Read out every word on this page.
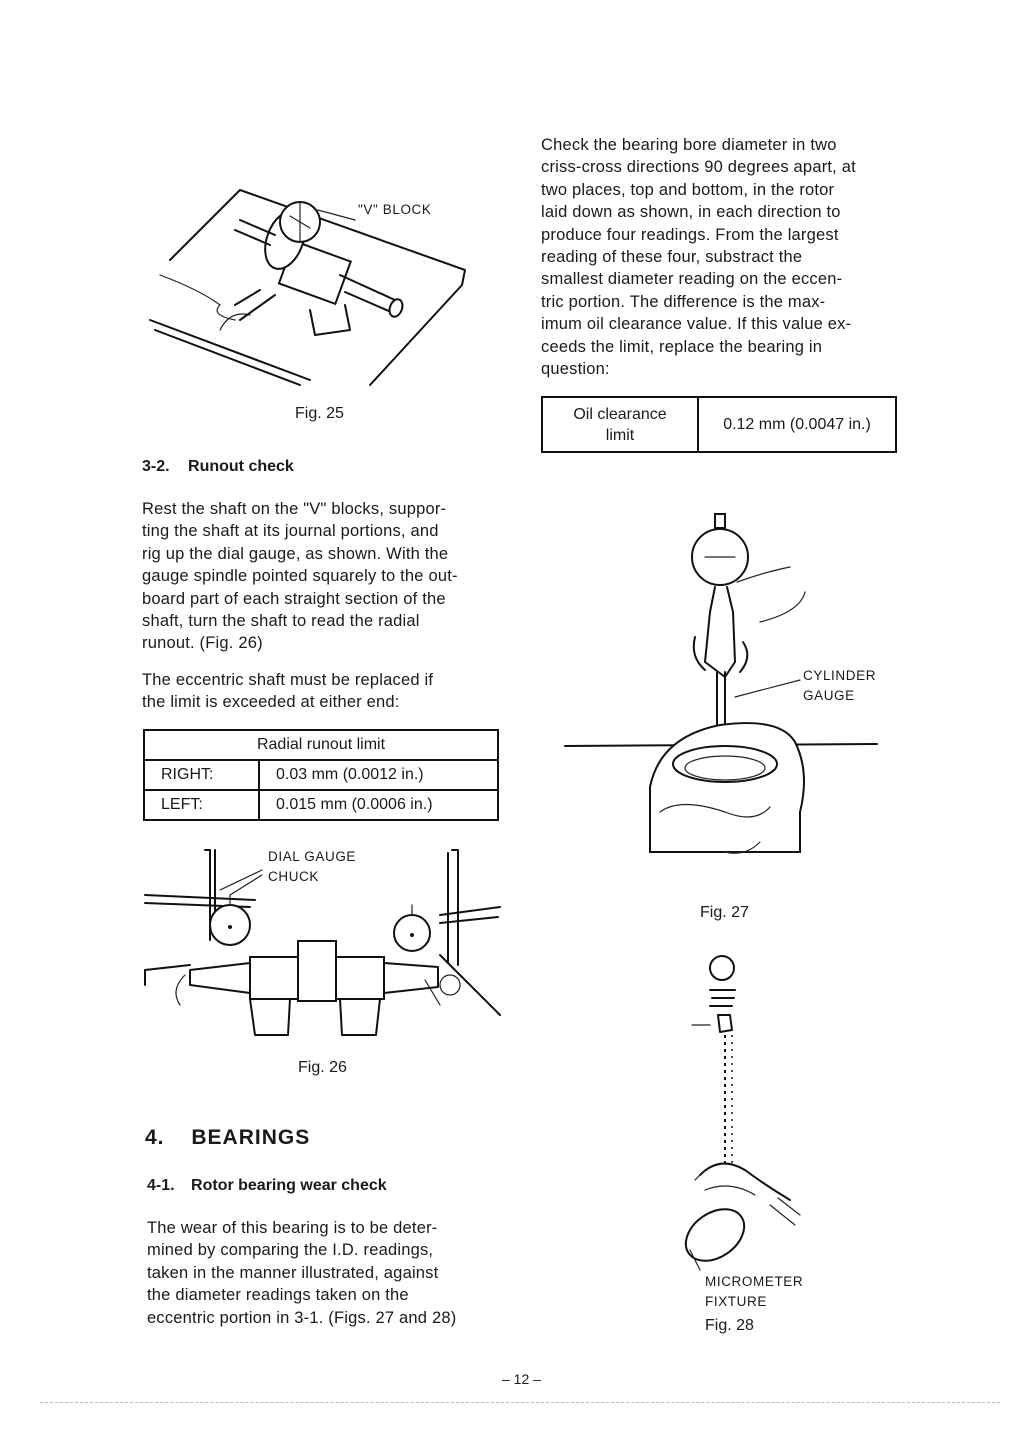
"V" BLOCK
Fig. 25
3-2. Runout check
Rest the shaft on the "V" blocks, suppor-
ting the shaft at its journal portions, and
rig up the dial gauge, as shown. With the
gauge spindle pointed squarely to the out-
board part of each straight section of the
shaft, turn the shaft to read the radial
runout. (Fig. 26)
The eccentric shaft must be replaced if
the limit is exceeded at either end:
Radial runout limit	
RIGHT:	0.03 mm (0.0012 in.)
LEFT:	0.015 mm (0.0006 in.)
DIAL GAUGE
CHUCK
Fig. 26
4. BEARINGS
4-1. Rotor bearing wear check
The wear of this bearing is to be deter-
mined by comparing the I.D. readings,
taken in the manner illustrated, against
the diameter readings taken on the
eccentric portion in 3-1. (Figs. 27 and 28)
Check the bearing bore diameter in two
criss-cross directions 90 degrees apart, at
two places, top and bottom, in the rotor
laid down as shown, in each direction to
produce four readings. From the largest
reading of these four, substract the
smallest diameter reading on the eccen-
tric portion. The difference is the max-
imum oil clearance value. If this value ex-
ceeds the limit, replace the bearing in
question:
Oil clearance
limit
	0.12 mm (0.0047 in.)
CYLINDER
GAUGE
Fig. 27
MICROMETER
FIXTURE
Fig. 28
– 12 –
